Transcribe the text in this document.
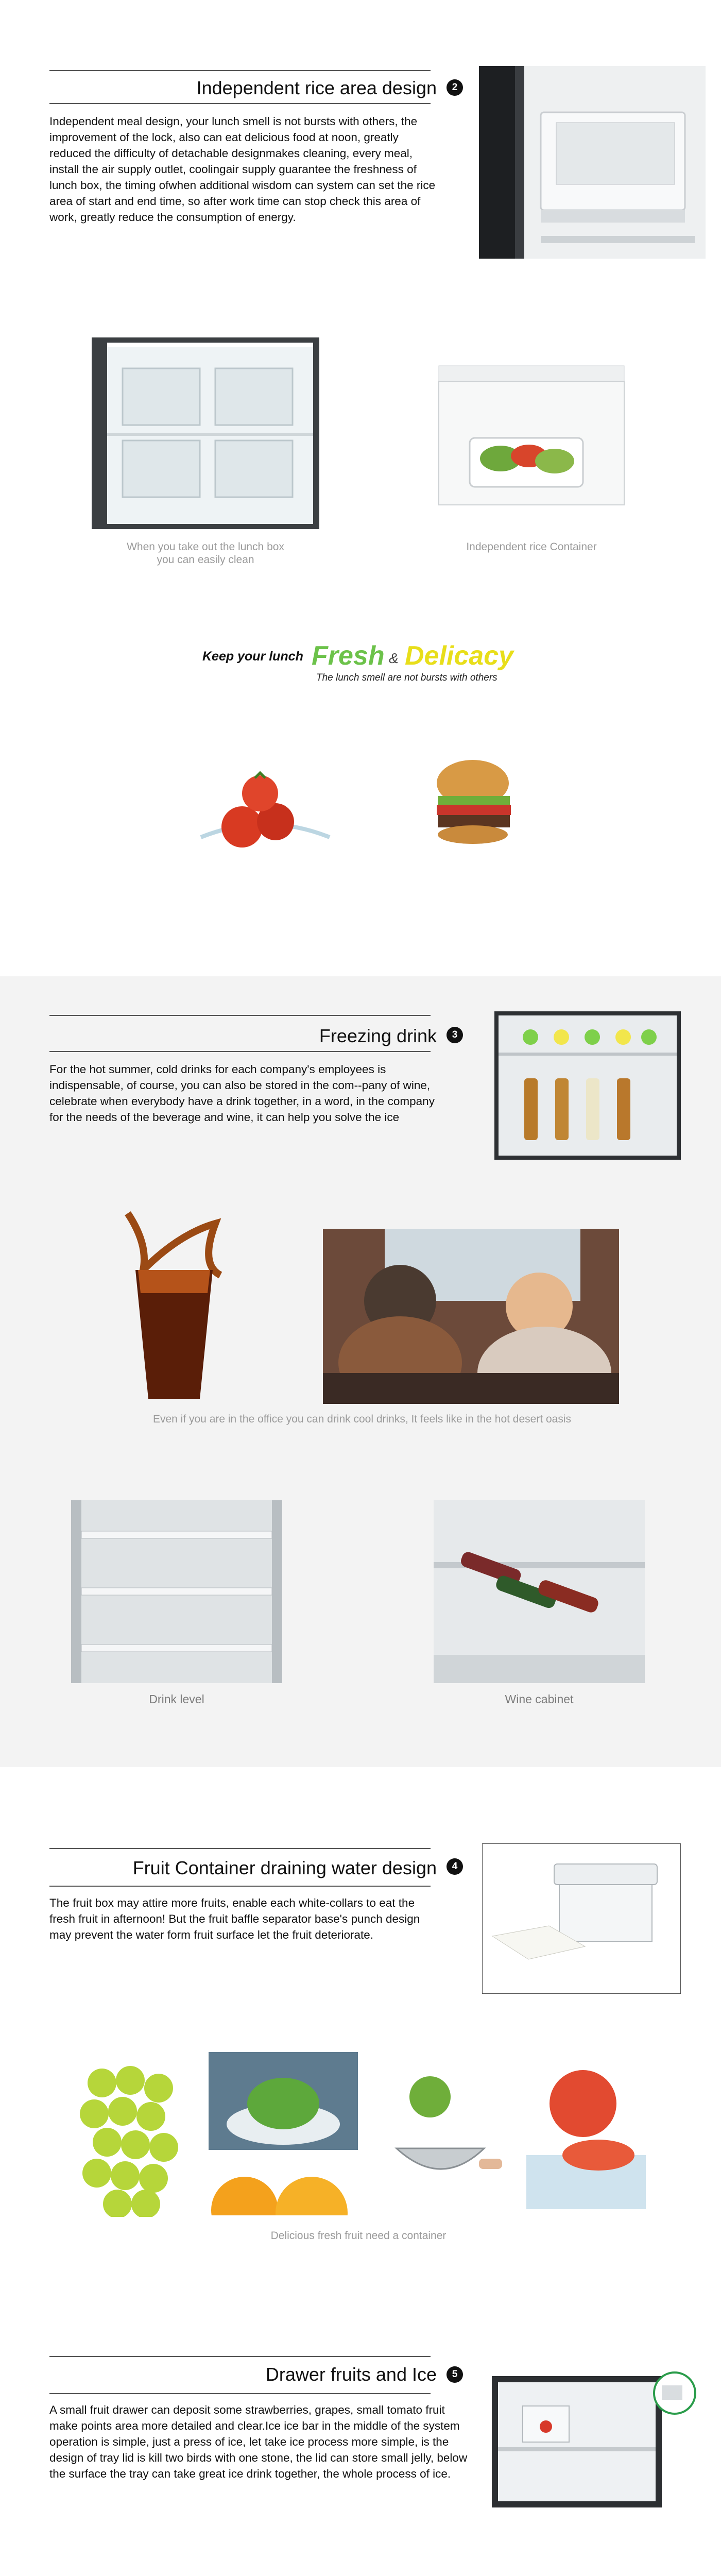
Independent rice area design	2
Independent meal design, your lunch smell is not bursts with others, the improvement of the lock, also can eat delicious food at noon, greatly reduced the difficulty of detachable designmakes cleaning, every meal, install the air supply outlet, coolingair supply guarantee the freshness of lunch box, the timing ofwhen additional wisdom can system can set the rice area of start and end time, so after work time can stop check this area of work, greatly reduce the consumption of energy.
When you take out the lunch box
you can easily clean
Independent rice Container
Keep your lunch Fresh & Delicacy
The lunch smell are not bursts with others
Freezing drink	3
For the hot summer, cold drinks for each company's employees is indispensable, of course, you can also be stored in the com--pany of wine, celebrate when everybody have a drink together, in a word, in the company for the needs of the beverage and wine, it can help you solve the ice
Even if you are in the office you can drink cool drinks, It feels like in the hot desert oasis
Drink level	Wine cabinet
Fruit Container draining water design	4
The fruit box may attire more fruits, enable each white-collars to eat the fresh fruit in afternoon! But the fruit baffle separator base's punch design may prevent the water form fruit surface let the fruit deteriorate.
Delicious fresh fruit need a container
Drawer fruits and Ice	5
A small fruit drawer can deposit some strawberries, grapes, small tomato fruit make points area more detailed and clear.Ice ice bar in the middle of the system operation is simple, just a press of ice, let take ice process more simple, is the design of tray lid is kill two birds with one stone, the lid can store small jelly, below the surface the tray can take great ice drink together, the whole process of ice.
